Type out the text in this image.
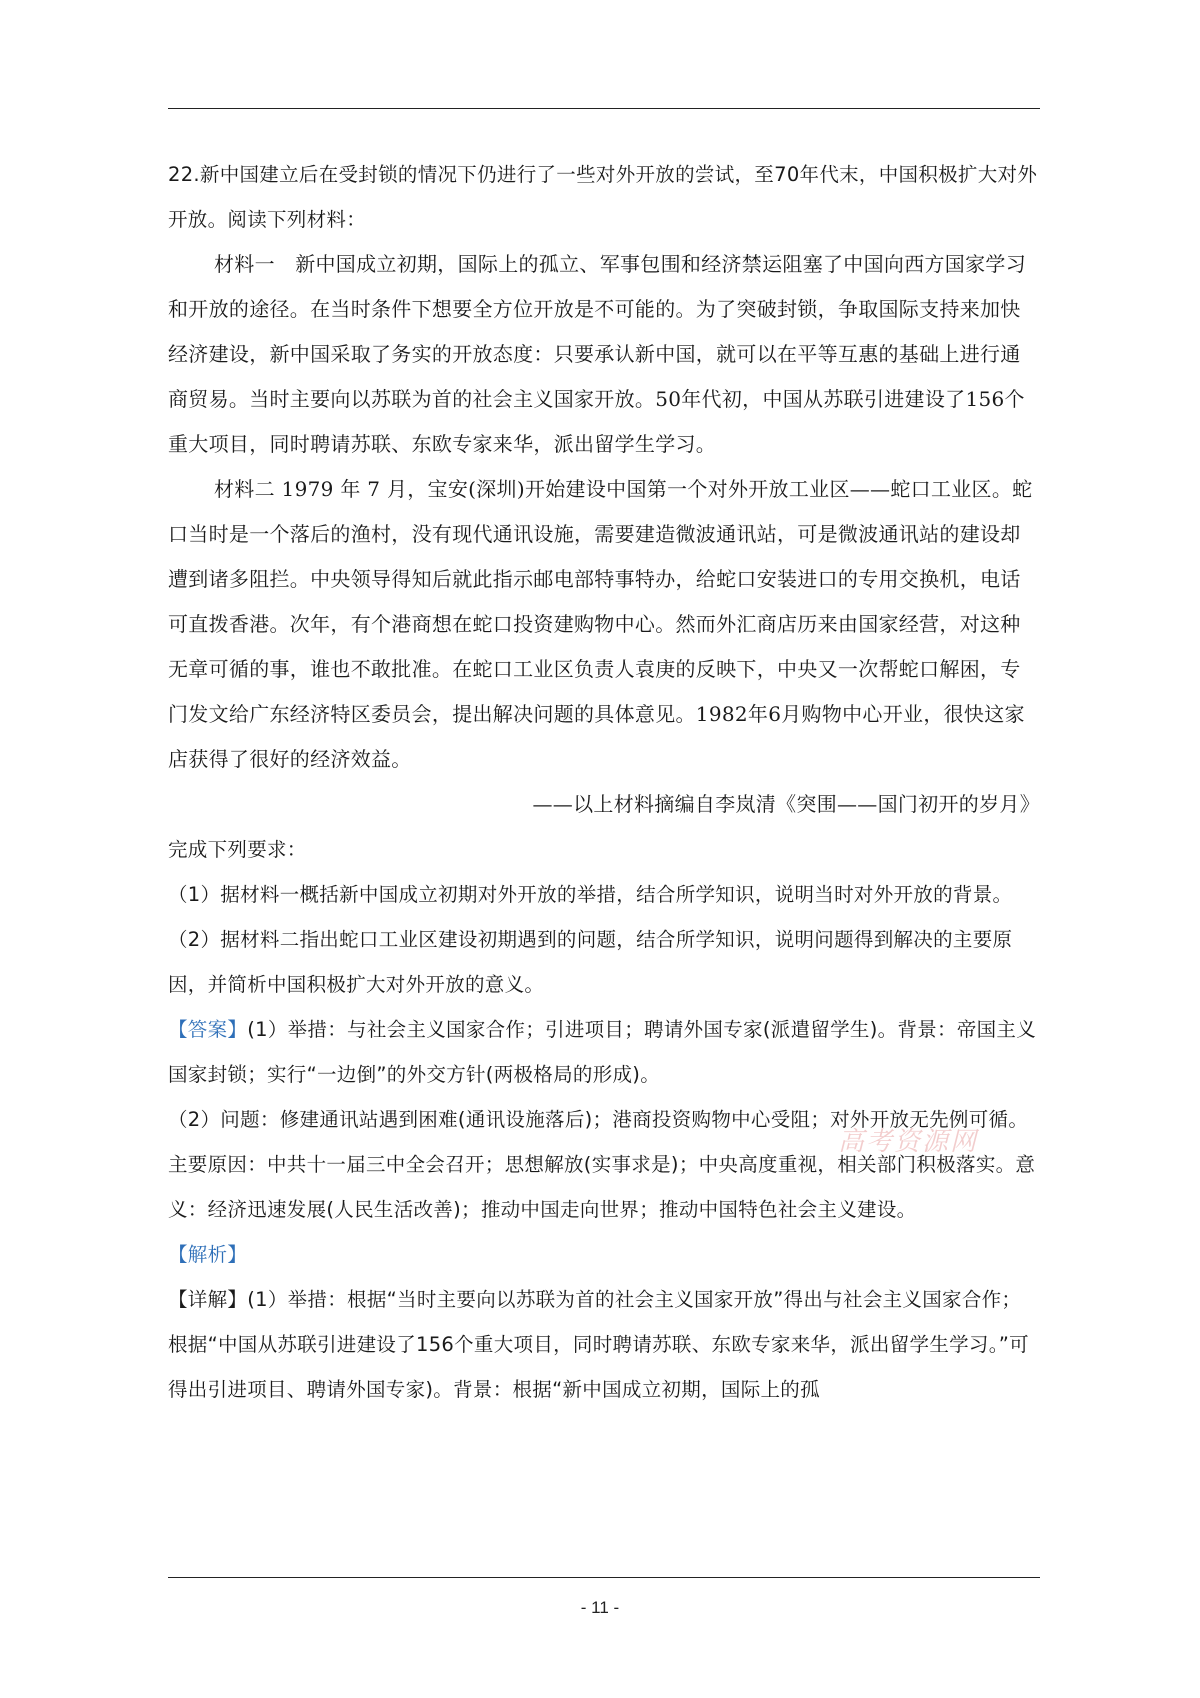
22.新中国建立后在受封锁的情况下仍进行了一些对外开放的尝试，至70年代末，中国积极扩大对外开放。阅读下列材料：

材料一　新中国成立初期，国际上的孤立、军事包围和经济禁运阻塞了中国向西方国家学习和开放的途径。在当时条件下想要全方位开放是不可能的。为了突破封锁，争取国际支持来加快经济建设，新中国采取了务实的开放态度：只要承认新中国，就可以在平等互惠的基础上进行通商贸易。当时主要向以苏联为首的社会主义国家开放。50年代初，中国从苏联引进建设了156个重大项目，同时聘请苏联、东欧专家来华，派出留学生学习。

材料二 1979 年 7 月，宝安(深圳)开始建设中国第一个对外开放工业区——蛇口工业区。蛇口当时是一个落后的渔村，没有现代通讯设施，需要建造微波通讯站，可是微波通讯站的建设却遭到诸多阻拦。中央领导得知后就此指示邮电部特事特办，给蛇口安装进口的专用交换机，电话可直拨香港。次年，有个港商想在蛇口投资建购物中心。然而外汇商店历来由国家经营，对这种无章可循的事，谁也不敢批准。在蛇口工业区负责人袁庚的反映下，中央又一次帮蛇口解困，专门发文给广东经济特区委员会，提出解决问题的具体意见。1982年6月购物中心开业，很快这家店获得了很好的经济效益。

——以上材料摘编自李岚清《突围——国门初开的岁月》

完成下列要求：

（1）据材料一概括新中国成立初期对外开放的举措，结合所学知识，说明当时对外开放的背景。

（2）据材料二指出蛇口工业区建设初期遇到的问题，结合所学知识，说明问题得到解决的主要原因，并简析中国积极扩大对外开放的意义。

【答案】(1）举措：与社会主义国家合作；引进项目；聘请外国专家(派遣留学生)。背景：帝国主义国家封锁；实行“一边倒”的外交方针(两极格局的形成)。

（2）问题：修建通讯站遇到困难(通讯设施落后)；港商投资购物中心受阻；对外开放无先例可循。主要原因：中共十一届三中全会召开；思想解放(实事求是)；中央高度重视，相关部门积极落实。意义：经济迅速发展(人民生活改善)；推动中国走向世界；推动中国特色社会主义建设。

【解析】

【详解】(1）举措：根据“当时主要向以苏联为首的社会主义国家开放”得出与社会主义国家合作；根据“中国从苏联引进建设了156个重大项目，同时聘请苏联、东欧专家来华，派出留学生学习。”可得出引进项目、聘请外国专家)。背景：根据“新中国成立初期，国际上的孤

高考资源网
- 11 -
